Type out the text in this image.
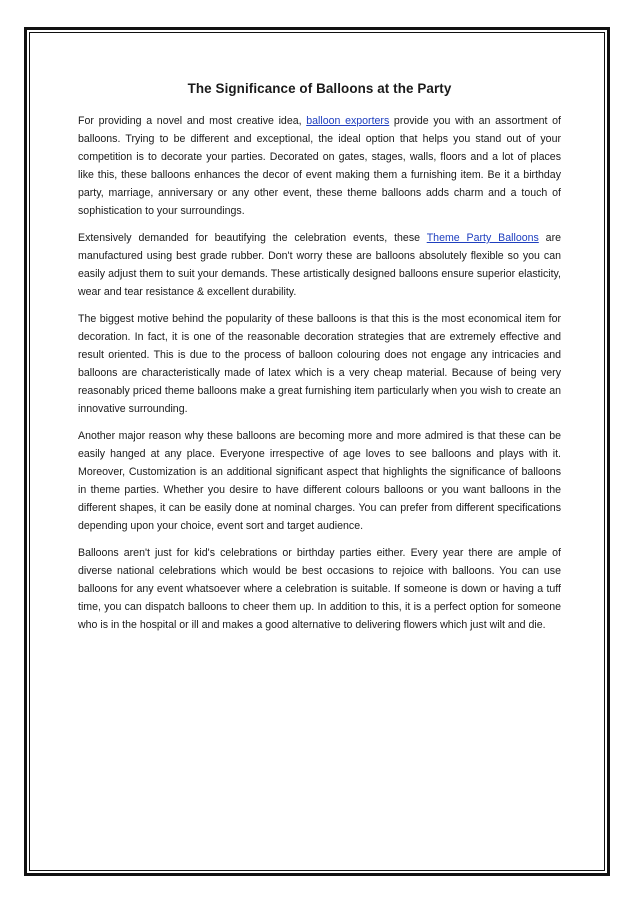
The Significance of Balloons at the Party

For providing a novel and most creative idea, balloon exporters provide you with an assortment of balloons. Trying to be different and exceptional, the ideal option that helps you stand out of your competition is to decorate your parties. Decorated on gates, stages, walls, floors and a lot of places like this, these balloons enhances the decor of event making them a furnishing item. Be it a birthday party, marriage, anniversary or any other event, these theme balloons adds charm and a touch of sophistication to your surroundings.

Extensively demanded for beautifying the celebration events, these Theme Party Balloons are manufactured using best grade rubber. Don't worry these are balloons absolutely flexible so you can easily adjust them to suit your demands. These artistically designed balloons ensure superior elasticity, wear and tear resistance & excellent durability.

The biggest motive behind the popularity of these balloons is that this is the most economical item for decoration. In fact, it is one of the reasonable decoration strategies that are extremely effective and result oriented. This is due to the process of balloon colouring does not engage any intricacies and balloons are characteristically made of latex which is a very cheap material. Because of being very reasonably priced theme balloons make a great furnishing item particularly when you wish to create an innovative surrounding.

Another major reason why these balloons are becoming more and more admired is that these can be easily hanged at any place. Everyone irrespective of age loves to see balloons and plays with it. Moreover, Customization is an additional significant aspect that highlights the significance of balloons in theme parties. Whether you desire to have different colours balloons or you want balloons in the different shapes, it can be easily done at nominal charges. You can prefer from different specifications depending upon your choice, event sort and target audience.

Balloons aren't just for kid's celebrations or birthday parties either. Every year there are ample of diverse national celebrations which would be best occasions to rejoice with balloons. You can use balloons for any event whatsoever where a celebration is suitable. If someone is down or having a tuff time, you can dispatch balloons to cheer them up. In addition to this, it is a perfect option for someone who is in the hospital or ill and makes a good alternative to delivering flowers which just wilt and die.
